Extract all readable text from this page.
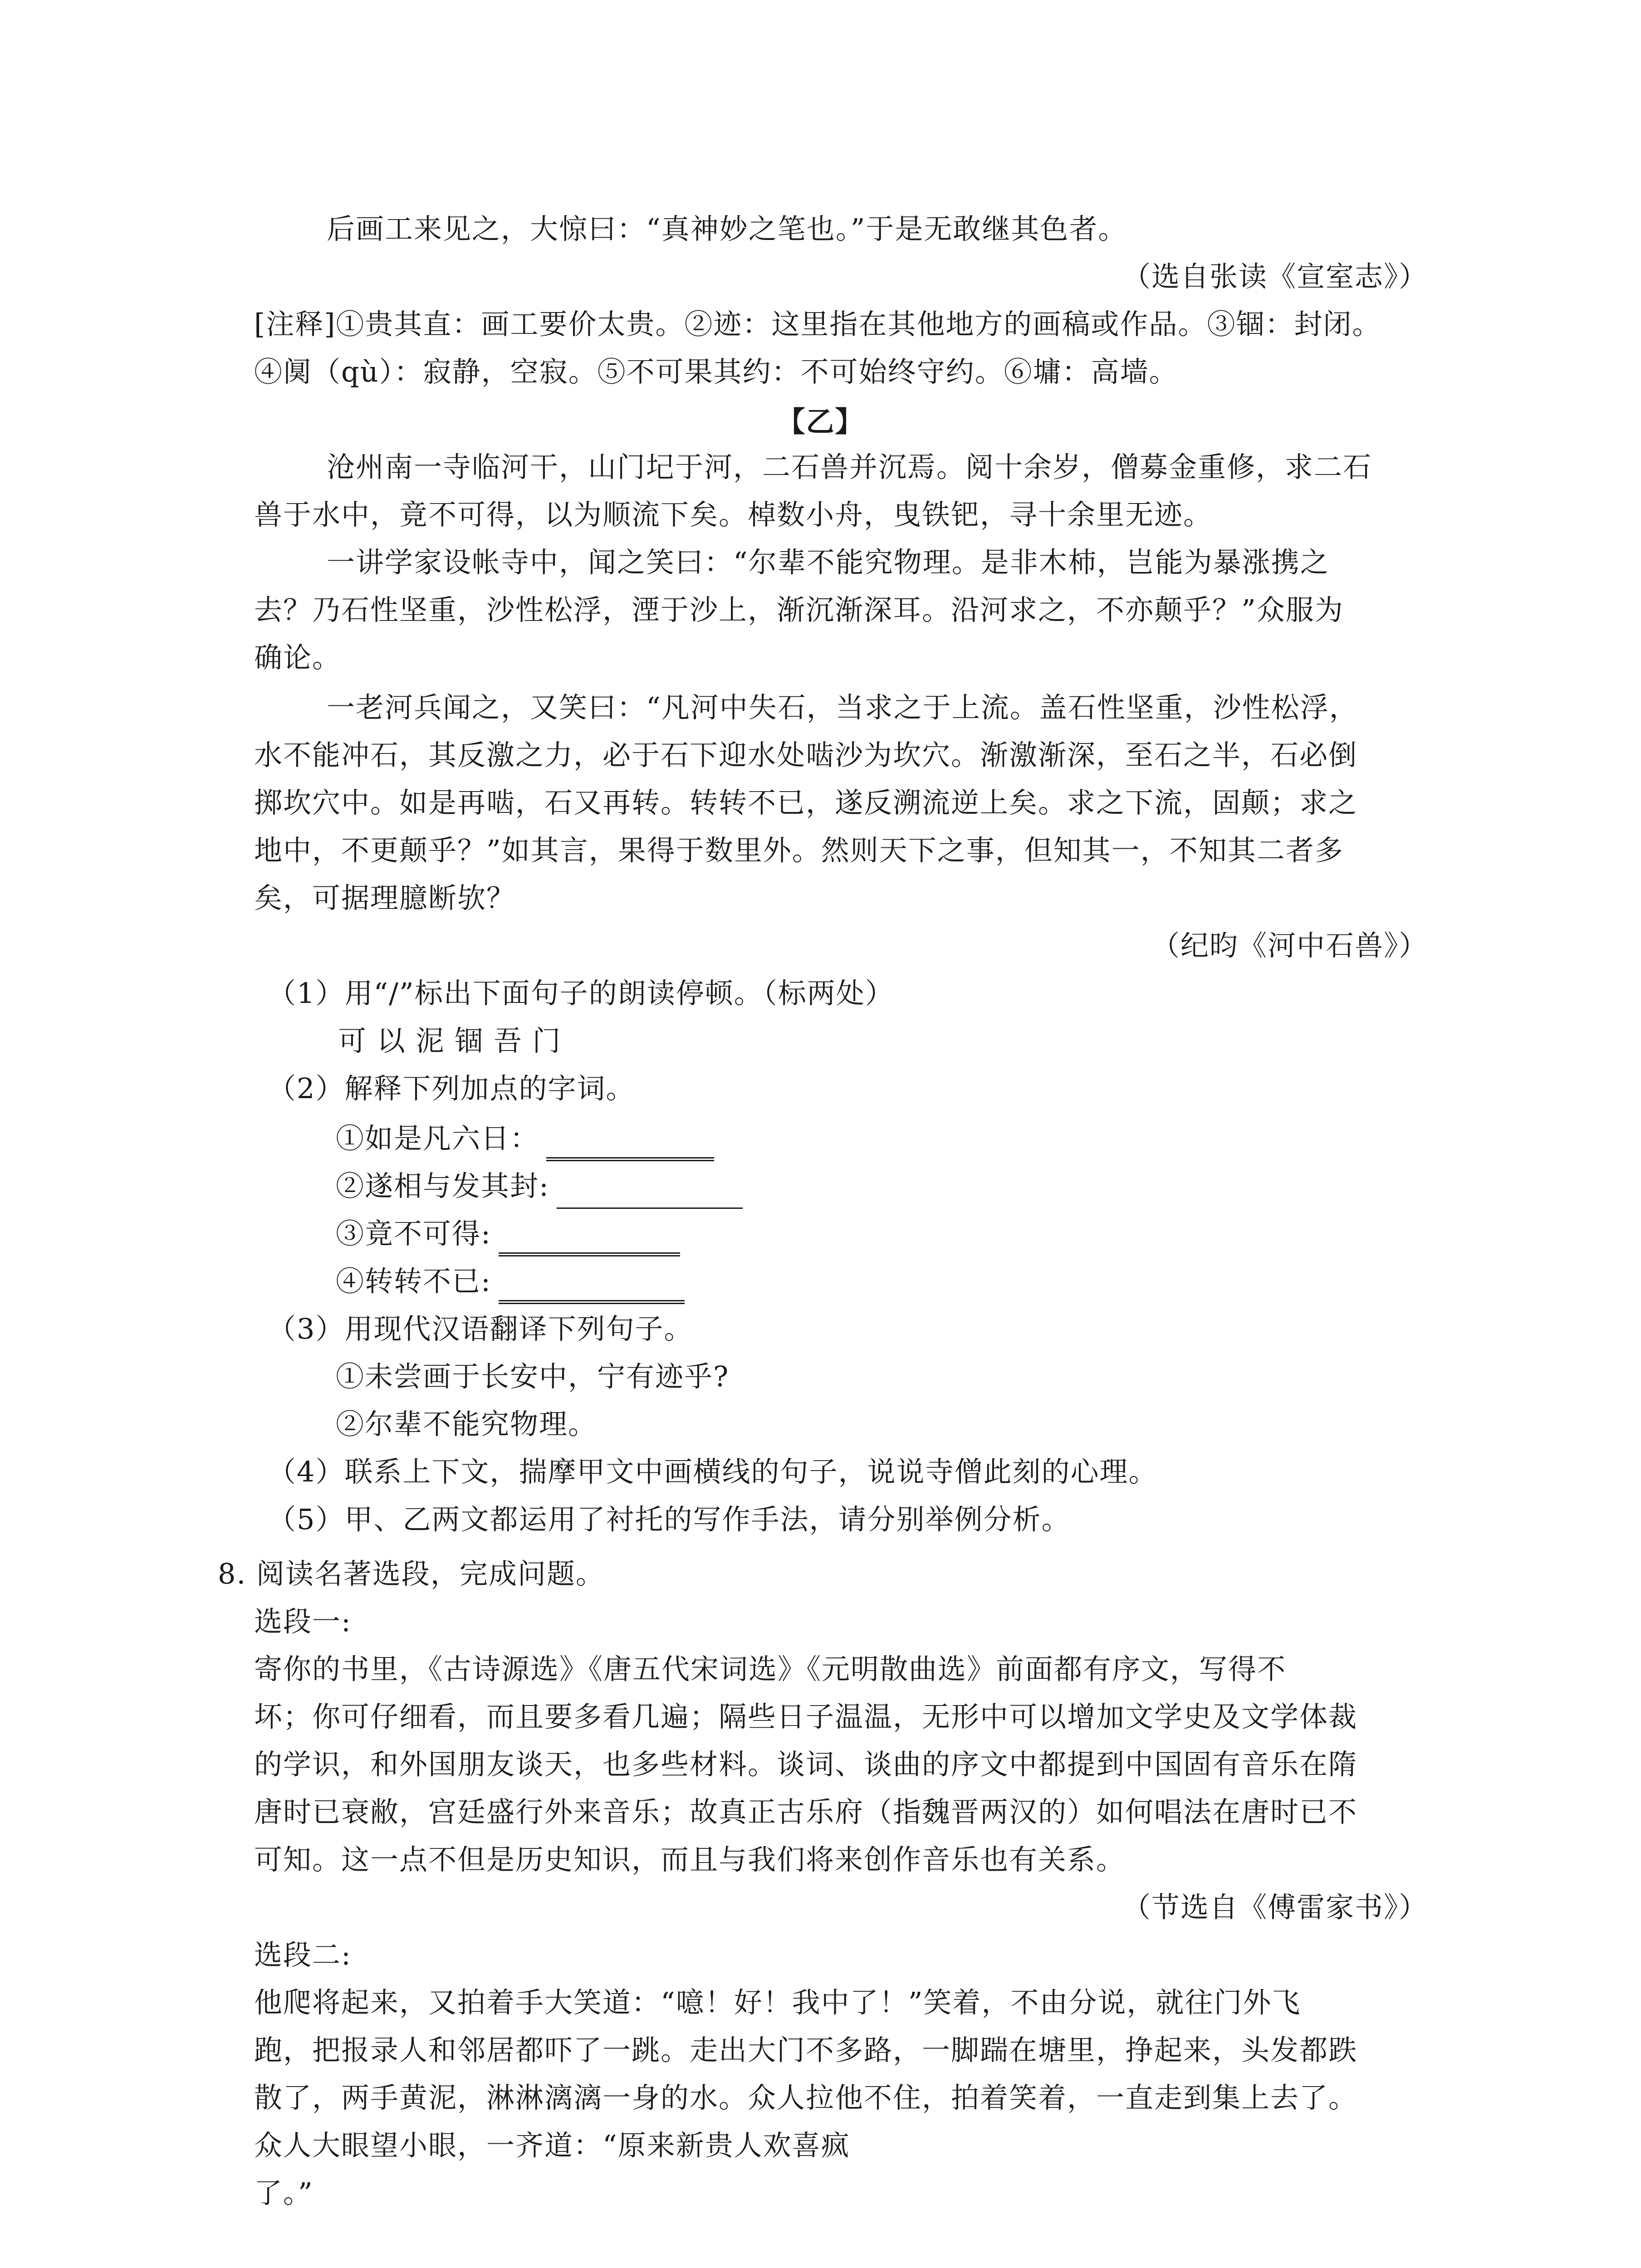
后画工来见之，大惊曰：“真神妙之笔也。”于是无敢继其色者。
（选自张读《宣室志》）
[注释]①贵其直：画工要价太贵。②迹：这里指在其他地方的画稿或作品。③锢：封闭。
④阒（qù）：寂静，空寂。⑤不可果其约：不可始终守约。⑥墉：高墙。
【乙】
沧州南一寺临河干，山门圮于河，二石兽并沉焉。阅十余岁，僧募金重修，求二石
兽于水中，竟不可得，以为顺流下矣。棹数小舟，曳铁钯，寻十余里无迹。
一讲学家设帐寺中，闻之笑曰：“尔辈不能究物理。是非木杮，岂能为暴涨携之
去？乃石性坚重，沙性松浮，湮于沙上，渐沉渐深耳。沿河求之，不亦颠乎？”众服为
确论。
一老河兵闻之，又笑曰：“凡河中失石，当求之于上流。盖石性坚重，沙性松浮，
水不能冲石，其反激之力，必于石下迎水处啮沙为坎穴。渐激渐深，至石之半，石必倒
掷坎穴中。如是再啮，石又再转。转转不已，遂反溯流逆上矣。求之下流，固颠；求之
地中，不更颠乎？”如其言，果得于数里外。然则天下之事，但知其一，不知其二者多
矣，可据理臆断欤？
（纪昀《河中石兽》）
（1）用“/”标出下面句子的朗读停顿。（标两处）
可 以 泥 锢 吾 门
（2）解释下列加点的字词。
①如是凡六日：
②遂相与发其封:
③竟不可得:
④转转不已:
（3）用现代汉语翻译下列句子。
①未尝画于长安中，宁有迹乎?
②尔辈不能究物理。
（4）联系上下文，揣摩甲文中画横线的句子，说说寺僧此刻的心理。
（5）甲、乙两文都运用了衬托的写作手法，请分别举例分析。
8. 阅读名著选段，完成问题。
选段一:
寄你的书里，《古诗源选》《唐五代宋词选》《元明散曲选》前面都有序文，写得不
坏；你可仔细看，而且要多看几遍；隔些日子温温，无形中可以增加文学史及文学体裁
的学识，和外国朋友谈天，也多些材料。谈词、谈曲的序文中都提到中国固有音乐在隋
唐时已衰敝，宫廷盛行外来音乐；故真正古乐府（指魏晋两汉的）如何唱法在唐时已不
可知。这一点不但是历史知识，而且与我们将来创作音乐也有关系。
（节选自《傅雷家书》）
选段二:
他爬将起来，又拍着手大笑道：“噫！好！我中了！”笑着，不由分说，就往门外飞
跑，把报录人和邻居都吓了一跳。走出大门不多路，一脚踹在塘里，挣起来，头发都跌
散了，两手黄泥，淋淋漓漓一身的水。众人拉他不住，拍着笑着，一直走到集上去了。
众人大眼望小眼，一齐道：“原来新贵人欢喜疯
了。”
